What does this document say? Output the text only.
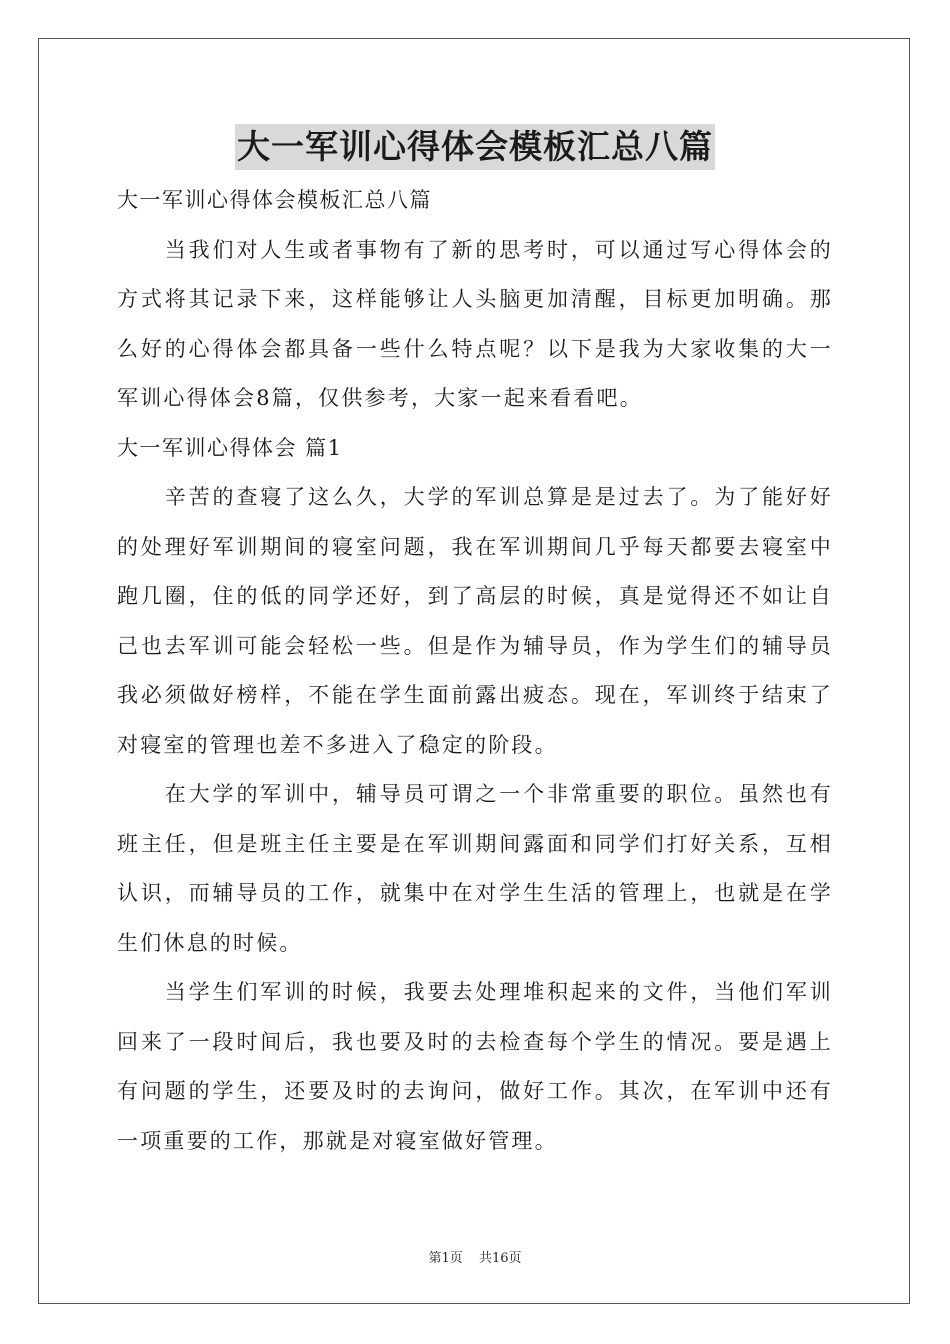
大一军训心得体会模板汇总八篇

大一军训心得体会模板汇总八篇

　　当我们对人生或者事物有了新的思考时，可以通过写心得体会的

方式将其记录下来，这样能够让人头脑更加清醒，目标更加明确。那

么好的心得体会都具备一些什么特点呢？以下是我为大家收集的大一

军训心得体会8篇，仅供参考，大家一起来看看吧。

大一军训心得体会 篇1

　　辛苦的查寝了这么久，大学的军训总算是是过去了。为了能好好

的处理好军训期间的寝室问题，我在军训期间几乎每天都要去寝室中

跑几圈，住的低的同学还好，到了高层的时候，真是觉得还不如让自

己也去军训可能会轻松一些。但是作为辅导员，作为学生们的辅导员

我必须做好榜样，不能在学生面前露出疲态。现在，军训终于结束了

对寝室的管理也差不多进入了稳定的阶段。

　　在大学的军训中，辅导员可谓之一个非常重要的职位。虽然也有

班主任，但是班主任主要是在军训期间露面和同学们打好关系，互相

认识，而辅导员的工作，就集中在对学生生活的管理上，也就是在学

生们休息的时候。

　　当学生们军训的时候，我要去处理堆积起来的文件，当他们军训

回来了一段时间后，我也要及时的去检查每个学生的情况。要是遇上

有问题的学生，还要及时的去询问，做好工作。其次，在军训中还有

一项重要的工作，那就是对寝室做好管理。

第1页 共16页
